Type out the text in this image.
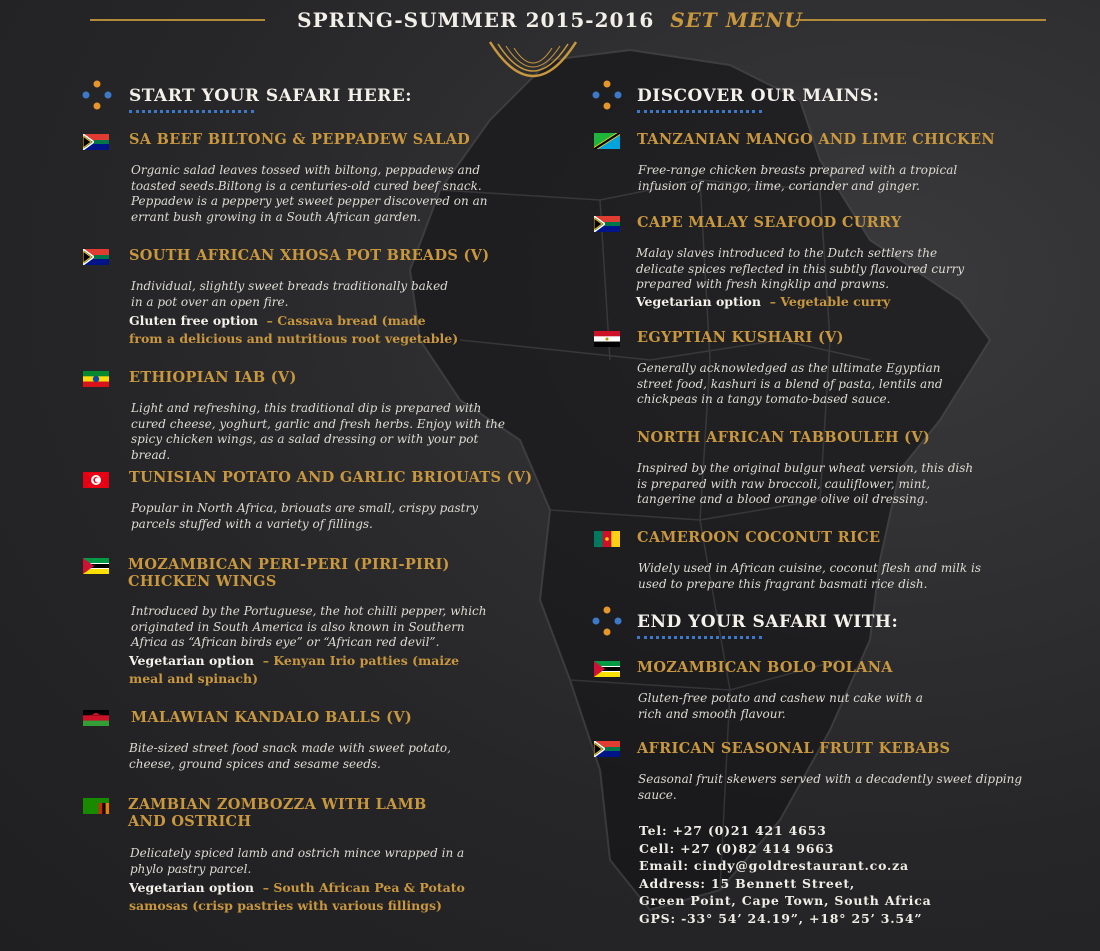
SPRING-SUMMER 2015-2016 SET MENU
START YOUR SAFARI HERE:	DISCOVER OUR MAINS:
END YOUR SAFARI WITH:
SA BEEF BILTONG & PEPPADEW SALAD
Organic salad leaves tossed with biltong, peppadews and toasted seeds.Biltong is a centuries-old cured beef snack. Peppadew is a peppery yet sweet pepper discovered on an errant bush growing in a South African garden.
SOUTH AFRICAN XHOSA POT BREADS (V)
Individual, slightly sweet breads traditionally baked in a pot over an open fire.
Gluten free option  – Cassava bread (made from a delicious and nutritious root vegetable)
ETHIOPIAN IAB (V)
Light and refreshing, this traditional dip is prepared with cured cheese, yoghurt, garlic and fresh herbs. Enjoy with the spicy chicken wings, as a salad dressing or with your pot bread.
TUNISIAN POTATO AND GARLIC BRIOUATS (V)
Popular in North Africa, briouats are small, crispy pastry parcels stuffed with a variety of fillings.
MOZAMBICAN PERI-PERI (PIRI-PIRI) CHICKEN WINGS
Introduced by the Portuguese, the hot chilli pepper, which originated in South America is also known in Southern Africa as “African birds eye” or “African red devil”.
Vegetarian option  – Kenyan Irio patties (maize meal and spinach)
MALAWIAN KANDALO BALLS (V)
Bite-sized street food snack made with sweet potato, cheese, ground spices and sesame seeds.
ZAMBIAN ZOMBOZZA WITH LAMB AND OSTRICH
Delicately spiced lamb and ostrich mince wrapped in a phylo pastry parcel.
Vegetarian option  – South African Pea & Potato samosas (crisp pastries with various fillings)
TANZANIAN MANGO AND LIME CHICKEN
Free-range chicken breasts prepared with a tropical infusion of mango, lime, coriander and ginger.
CAPE MALAY SEAFOOD CURRY
Malay slaves introduced to the Dutch settlers the delicate spices reflected in this subtly flavoured curry prepared with fresh kingklip and prawns.
Vegetarian option  – Vegetable curry
EGYPTIAN KUSHARI (V)
Generally acknowledged as the ultimate Egyptian street food, kashuri is a blend of pasta, lentils and chickpeas in a tangy tomato-based sauce.
NORTH AFRICAN TABBOULEH (V)
Inspired by the original bulgur wheat version, this dish is prepared with raw broccoli, cauliflower, mint, tangerine and a blood orange olive oil dressing.
CAMEROON COCONUT RICE
Widely used in African cuisine, coconut flesh and milk is used to prepare this fragrant basmati rice dish.
MOZAMBICAN BOLO POLANA
Gluten-free potato and cashew nut cake with a rich and smooth flavour.
AFRICAN SEASONAL FRUIT KEBABS
Seasonal fruit skewers served with a decadently sweet dipping sauce.
Tel: +27 (0)21 421 4653
Cell: +27 (0)82 414 9663
Email: cindy@goldrestaurant.co.za
Address: 15 Bennett Street,
Green Point, Cape Town, South Africa
GPS: -33° 54’ 24.19”, +18° 25’ 3.54”
